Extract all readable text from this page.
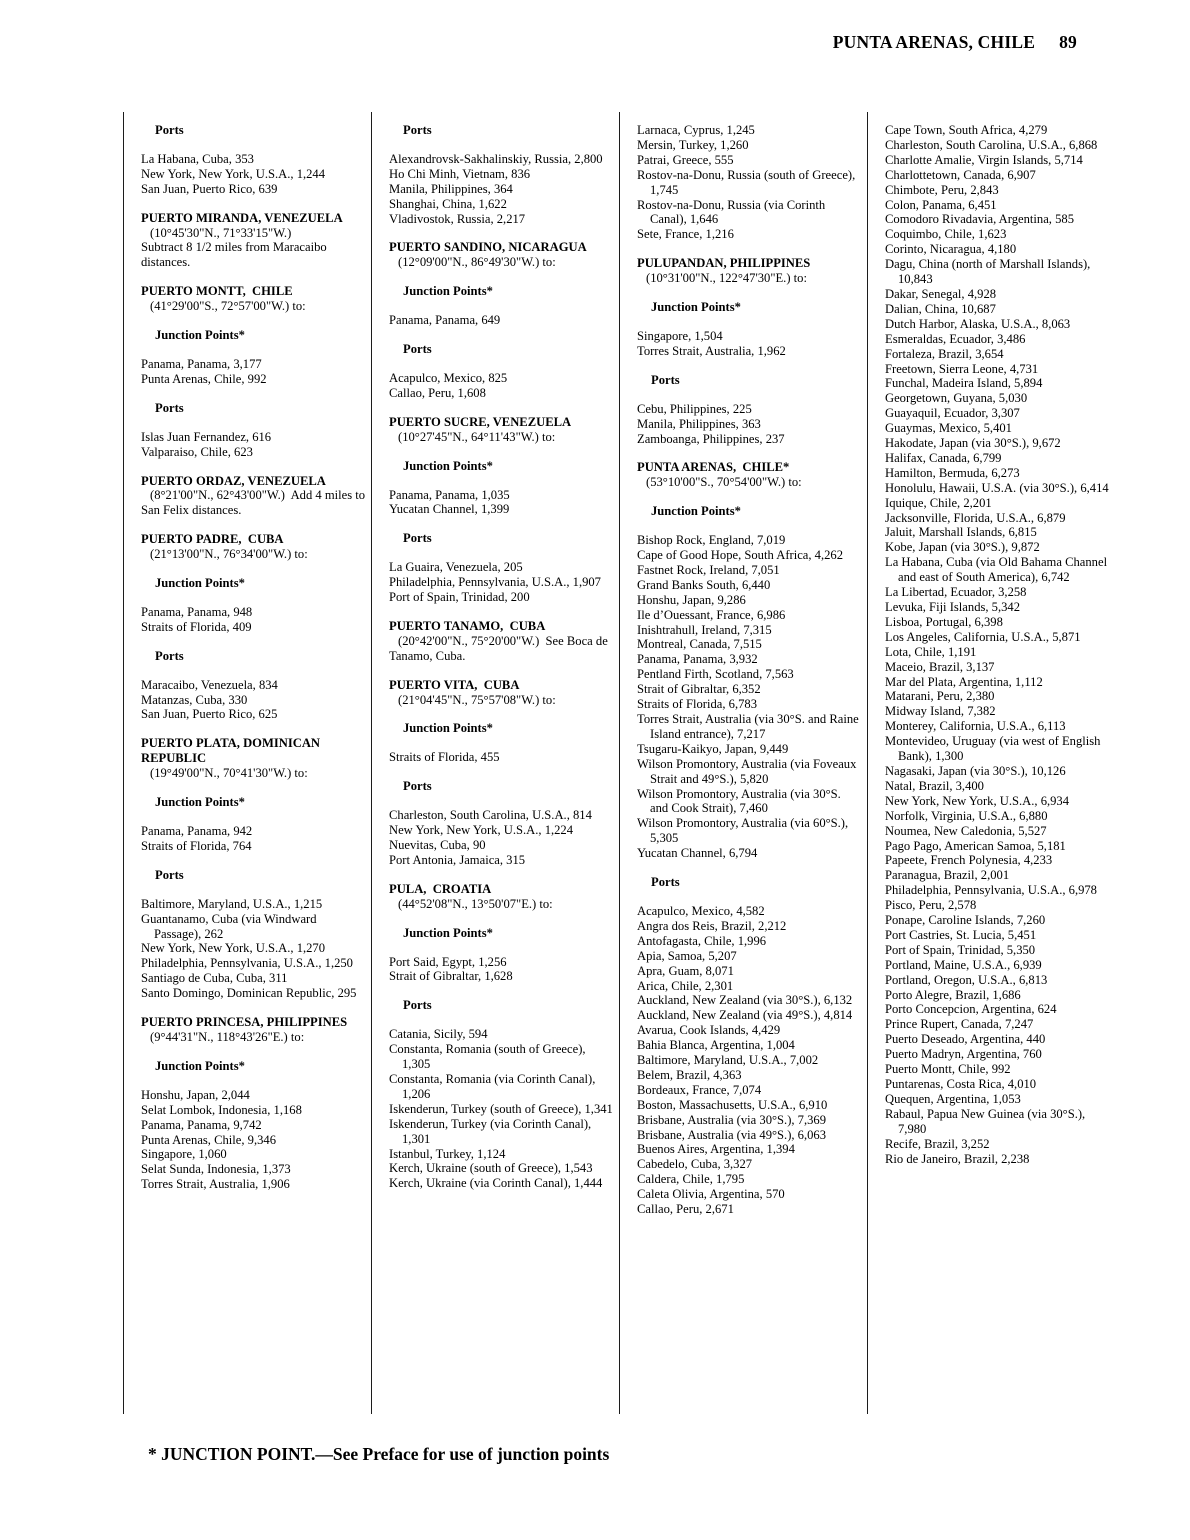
PUNTA ARENAS, CHILE 89
Ports
La Habana, Cuba, 353
New York, New York, U.S.A., 1,244
San Juan, Puerto Rico, 639
PUERTO MIRANDA, VENEZUELA
(10°45'30"N., 71°33'15"W.)
Subtract 8 1/2 miles from Maracaibo distances.
PUERTO MONTT,  CHILE
(41°29'00"S., 72°57'00"W.) to:
Junction Points*
Panama, Panama, 3,177
Punta Arenas, Chile, 992
Ports
Islas Juan Fernandez, 616
Valparaiso, Chile, 623
PUERTO ORDAZ, VENEZUELA
(8°21'00"N., 62°43'00"W.)  Add 4 miles to San Felix distances.
PUERTO PADRE,  CUBA
(21°13'00"N., 76°34'00"W.) to:
Junction Points*
Panama, Panama, 948
Straits of Florida, 409
Ports
Maracaibo, Venezuela, 834
Matanzas, Cuba, 330
San Juan, Puerto Rico, 625
PUERTO PLATA, DOMINICAN REPUBLIC
(19°49'00"N., 70°41'30"W.) to:
Junction Points*
Panama, Panama, 942
Straits of Florida, 764
Ports
Baltimore, Maryland, U.S.A., 1,215
Guantanamo, Cuba (via Windward Passage), 262
New York, New York, U.S.A., 1,270
Philadelphia, Pennsylvania, U.S.A., 1,250
Santiago de Cuba, Cuba, 311
Santo Domingo, Dominican Republic, 295
PUERTO PRINCESA, PHILIPPINES
(9°44'31"N., 118°43'26"E.) to:
Junction Points*
Honshu, Japan, 2,044
Selat Lombok, Indonesia, 1,168
Panama, Panama, 9,742
Punta Arenas, Chile, 9,346
Singapore, 1,060
Selat Sunda, Indonesia, 1,373
Torres Strait, Australia, 1,906
Ports
Alexandrovsk-Sakhalinskiy, Russia, 2,800
Ho Chi Minh, Vietnam, 836
Manila, Philippines, 364
Shanghai, China, 1,622
Vladivostok, Russia, 2,217
PUERTO SANDINO, NICARAGUA
(12°09'00"N., 86°49'30"W.) to:
Junction Points*
Panama, Panama, 649
Ports
Acapulco, Mexico, 825
Callao, Peru, 1,608
PUERTO SUCRE, VENEZUELA
(10°27'45"N., 64°11'43"W.) to:
Junction Points*
Panama, Panama, 1,035
Yucatan Channel, 1,399
Ports
La Guaira, Venezuela, 205
Philadelphia, Pennsylvania, U.S.A., 1,907
Port of Spain, Trinidad, 200
PUERTO TANAMO,  CUBA
(20°42'00"N., 75°20'00"W.)  See Boca de Tanamo, Cuba.
PUERTO VITA,  CUBA
(21°04'45"N., 75°57'08"W.) to:
Junction Points*
Straits of Florida, 455
Ports
Charleston, South Carolina, U.S.A., 814
New York, New York, U.S.A., 1,224
Nuevitas, Cuba, 90
Port Antonia, Jamaica, 315
PULA,  CROATIA
(44°52'08"N., 13°50'07"E.) to:
Junction Points*
Port Said, Egypt, 1,256
Strait of Gibraltar, 1,628
Ports
Catania, Sicily, 594
Constanta, Romania (south of Greece), 1,305
Constanta, Romania (via Corinth Canal), 1,206
Iskenderun, Turkey (south of Greece), 1,341
Iskenderun, Turkey (via Corinth Canal), 1,301
Istanbul, Turkey, 1,124
Kerch, Ukraine (south of Greece), 1,543
Kerch, Ukraine (via Corinth Canal), 1,444
Larnaca, Cyprus, 1,245
Mersin, Turkey, 1,260
Patrai, Greece, 555
Rostov-na-Donu, Russia (south of Greece), 1,745
Rostov-na-Donu, Russia (via Corinth Canal), 1,646
Sete, France, 1,216
PULUPANDAN, PHILIPPINES
(10°31'00"N., 122°47'30"E.) to:
Junction Points*
Singapore, 1,504
Torres Strait, Australia, 1,962
Ports
Cebu, Philippines, 225
Manila, Philippines, 363
Zamboanga, Philippines, 237
PUNTA ARENAS,  CHILE*
(53°10'00"S., 70°54'00"W.) to:
Junction Points*
Bishop Rock, England, 7,019
Cape of Good Hope, South Africa, 4,262
Fastnet Rock, Ireland, 7,051
Grand Banks South, 6,440
Honshu, Japan, 9,286
Ile d’Ouessant, France, 6,986
Inishtrahull, Ireland, 7,315
Montreal, Canada, 7,515
Panama, Panama, 3,932
Pentland Firth, Scotland, 7,563
Strait of Gibraltar, 6,352
Straits of Florida, 6,783
Torres Strait, Australia (via 30°S. and Raine Island entrance), 7,217
Tsugaru-Kaikyo, Japan, 9,449
Wilson Promontory, Australia (via Foveaux Strait and 49°S.), 5,820
Wilson Promontory, Australia (via 30°S. and Cook Strait), 7,460
Wilson Promontory, Australia (via 60°S.), 5,305
Yucatan Channel, 6,794
Ports
Acapulco, Mexico, 4,582
Angra dos Reis, Brazil, 2,212
Antofagasta, Chile, 1,996
Apia, Samoa, 5,207
Apra, Guam, 8,071
Arica, Chile, 2,301
Auckland, New Zealand (via 30°S.), 6,132
Auckland, New Zealand (via 49°S.), 4,814
Avarua, Cook Islands, 4,429
Bahia Blanca, Argentina, 1,004
Baltimore, Maryland, U.S.A., 7,002
Belem, Brazil, 4,363
Bordeaux, France, 7,074
Boston, Massachusetts, U.S.A., 6,910
Brisbane, Australia (via 30°S.), 7,369
Brisbane, Australia (via 49°S.), 6,063
Buenos Aires, Argentina, 1,394
Cabedelo, Cuba, 3,327
Caldera, Chile, 1,795
Caleta Olivia, Argentina, 570
Callao, Peru, 2,671
Cape Town, South Africa, 4,279
Charleston, South Carolina, U.S.A., 6,868
Charlotte Amalie, Virgin Islands, 5,714
Charlottetown, Canada, 6,907
Chimbote, Peru, 2,843
Colon, Panama, 6,451
Comodoro Rivadavia, Argentina, 585
Coquimbo, Chile, 1,623
Corinto, Nicaragua, 4,180
Dagu, China (north of Marshall Islands), 10,843
Dakar, Senegal, 4,928
Dalian, China, 10,687
Dutch Harbor, Alaska, U.S.A., 8,063
Esmeraldas, Ecuador, 3,486
Fortaleza, Brazil, 3,654
Freetown, Sierra Leone, 4,731
Funchal, Madeira Island, 5,894
Georgetown, Guyana, 5,030
Guayaquil, Ecuador, 3,307
Guaymas, Mexico, 5,401
Hakodate, Japan (via 30°S.), 9,672
Halifax, Canada, 6,799
Hamilton, Bermuda, 6,273
Honolulu, Hawaii, U.S.A. (via 30°S.), 6,414
Iquique, Chile, 2,201
Jacksonville, Florida, U.S.A., 6,879
Jaluit, Marshall Islands, 6,815
Kobe, Japan (via 30°S.), 9,872
La Habana, Cuba (via Old Bahama Channel and east of South America), 6,742
La Libertad, Ecuador, 3,258
Levuka, Fiji Islands, 5,342
Lisboa, Portugal, 6,398
Los Angeles, California, U.S.A., 5,871
Lota, Chile, 1,191
Maceio, Brazil, 3,137
Mar del Plata, Argentina, 1,112
Matarani, Peru, 2,380
Midway Island, 7,382
Monterey, California, U.S.A., 6,113
Montevideo, Uruguay (via west of English Bank), 1,300
Nagasaki, Japan (via 30°S.), 10,126
Natal, Brazil, 3,400
New York, New York, U.S.A., 6,934
Norfolk, Virginia, U.S.A., 6,880
Noumea, New Caledonia, 5,527
Pago Pago, American Samoa, 5,181
Papeete, French Polynesia, 4,233
Paranagua, Brazil, 2,001
Philadelphia, Pennsylvania, U.S.A., 6,978
Pisco, Peru, 2,578
Ponape, Caroline Islands, 7,260
Port Castries, St. Lucia, 5,451
Port of Spain, Trinidad, 5,350
Portland, Maine, U.S.A., 6,939
Portland, Oregon, U.S.A., 6,813
Porto Alegre, Brazil, 1,686
Porto Concepcion, Argentina, 624
Prince Rupert, Canada, 7,247
Puerto Deseado, Argentina, 440
Puerto Madryn, Argentina, 760
Puerto Montt, Chile, 992
Puntarenas, Costa Rica, 4,010
Quequen, Argentina, 1,053
Rabaul, Papua New Guinea (via 30°S.), 7,980
Recife, Brazil, 3,252
Rio de Janeiro, Brazil, 2,238
* JUNCTION POINT.—See Preface for use of junction points
